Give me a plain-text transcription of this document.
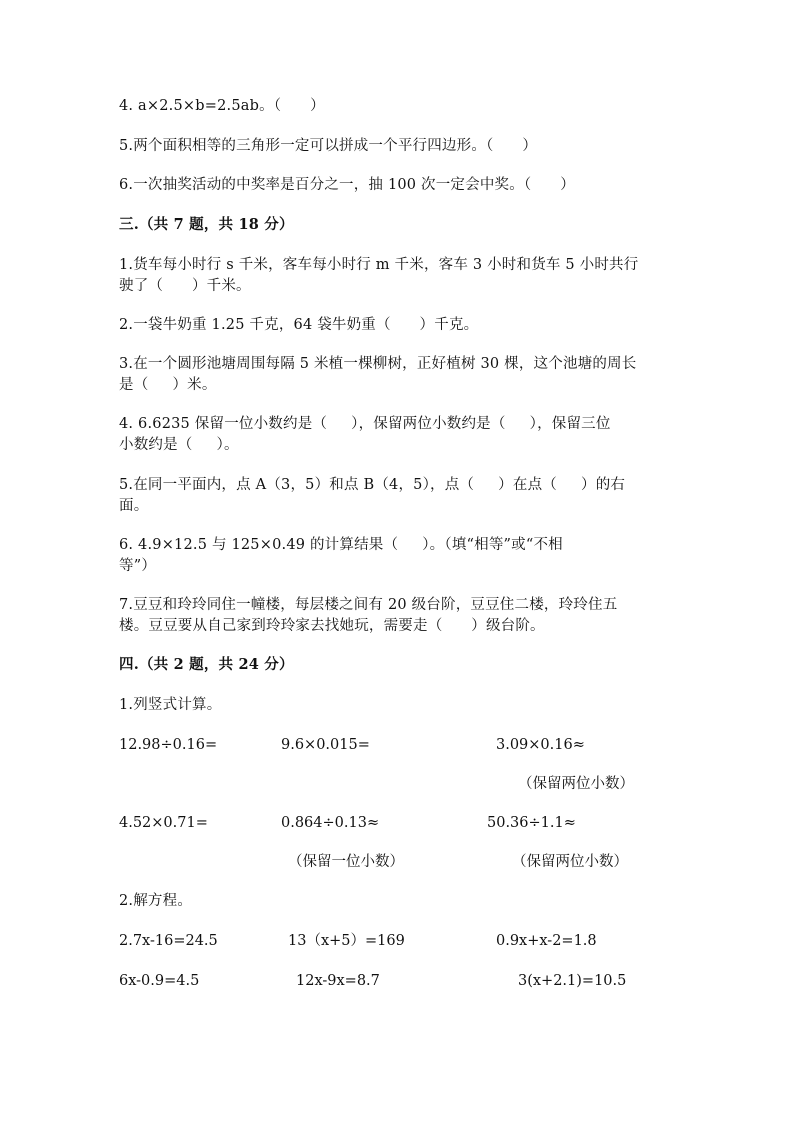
4. a×2.5×b=2.5ab。（      ）

5.两个面积相等的三角形一定可以拼成一个平行四边形。（      ）

6.一次抽奖活动的中奖率是百分之一，抽 100 次一定会中奖。（      ）

三.（共 7 题，共 18 分）

1.货车每小时行 s 千米，客车每小时行 m 千米，客车 3 小时和货车 5 小时共行

驶了（      ）千米。

2.一袋牛奶重 1.25 千克，64 袋牛奶重（      ）千克。

3.在一个圆形池塘周围每隔 5 米植一棵柳树，正好植树 30 棵，这个池塘的周长

是（     ）米。

4. 6.6235 保留一位小数约是（     ），保留两位小数约是（     ），保留三位

小数约是（     ）。

5.在同一平面内，点 A（3，5）和点 B（4，5），点（     ）在点（     ）的右

面。

6. 4.9×12.5 与 125×0.49 的计算结果（     ）。（填“相等”或“不相

等”）

7.豆豆和玲玲同住一幢楼，每层楼之间有 20 级台阶，豆豆住二楼，玲玲住五

楼。豆豆要从自己家到玲玲家去找她玩，需要走（      ）级台阶。

四.（共 2 题，共 24 分）

1.列竖式计算。

12.98÷0.16=	9.6×0.015=	3.09×0.16≈

（保留两位小数）

4.52×0.71=	0.864÷0.13≈	50.36÷1.1≈

（保留一位小数）	（保留两位小数）

2.解方程。

2.7x-16=24.5	13（x+5）=169	0.9x+x-2=1.8

6x-0.9=4.5	12x-9x=8.7	3(x+2.1)=10.5
